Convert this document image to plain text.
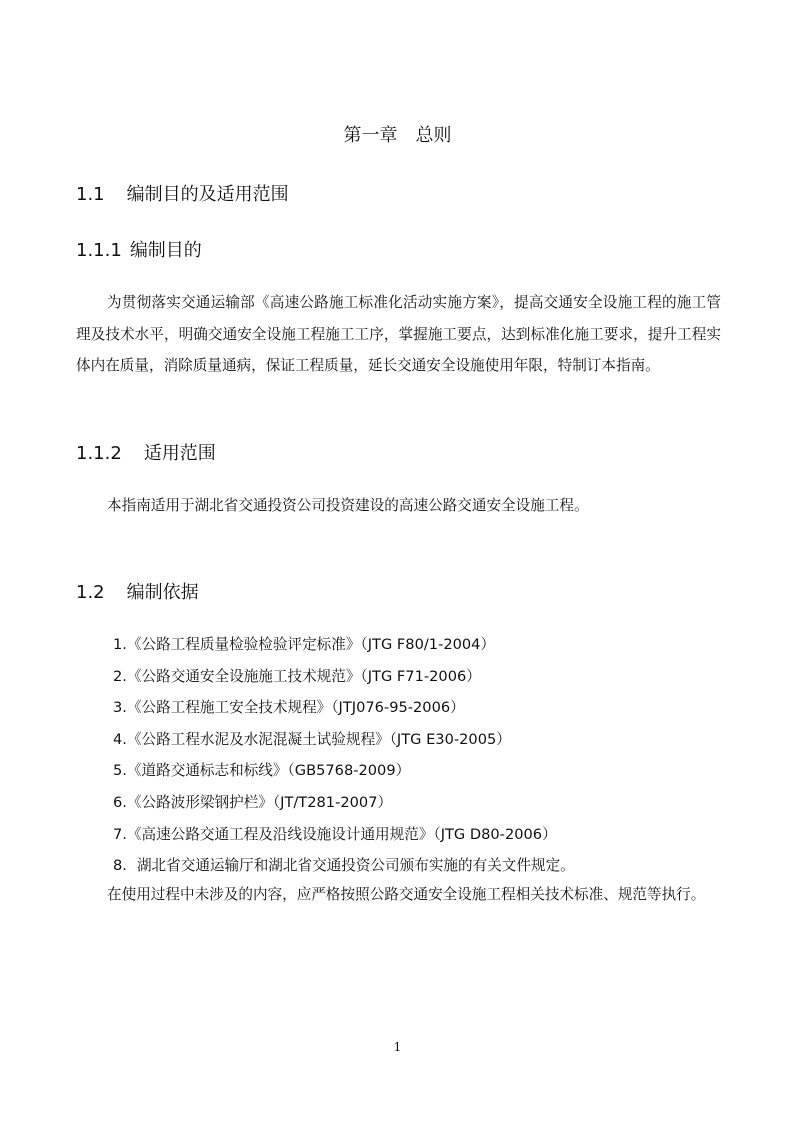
第一章　总则
1.1 编制目的及适用范围
1.1.1 编制目的
为贯彻落实交通运输部《高速公路施工标准化活动实施方案》，提高交通安全设施工程的施工管理及技术水平，明确交通安全设施工程施工工序，掌握施工要点，达到标准化施工要求，提升工程实体内在质量，消除质量通病，保证工程质量，延长交通安全设施使用年限，特制订本指南。
1.1.2 适用范围
本指南适用于湖北省交通投资公司投资建设的高速公路交通安全设施工程。
1.2 编制依据
1.《公路工程质量检验检验评定标准》（JTG F80/1-2004）
2.《公路交通安全设施施工技术规范》（JTG F71-2006）
3.《公路工程施工安全技术规程》（JTJ076-95-2006）
4.《公路工程水泥及水泥混凝土试验规程》（JTG E30-2005）
5.《道路交通标志和标线》（GB5768-2009）
6.《公路波形梁钢护栏》（JT/T281-2007）
7.《高速公路交通工程及沿线设施设计通用规范》（JTG D80-2006）
8. 湖北省交通运输厅和湖北省交通投资公司颁布实施的有关文件规定。
在使用过程中未涉及的内容，应严格按照公路交通安全设施工程相关技术标准、规范等执行。
1
